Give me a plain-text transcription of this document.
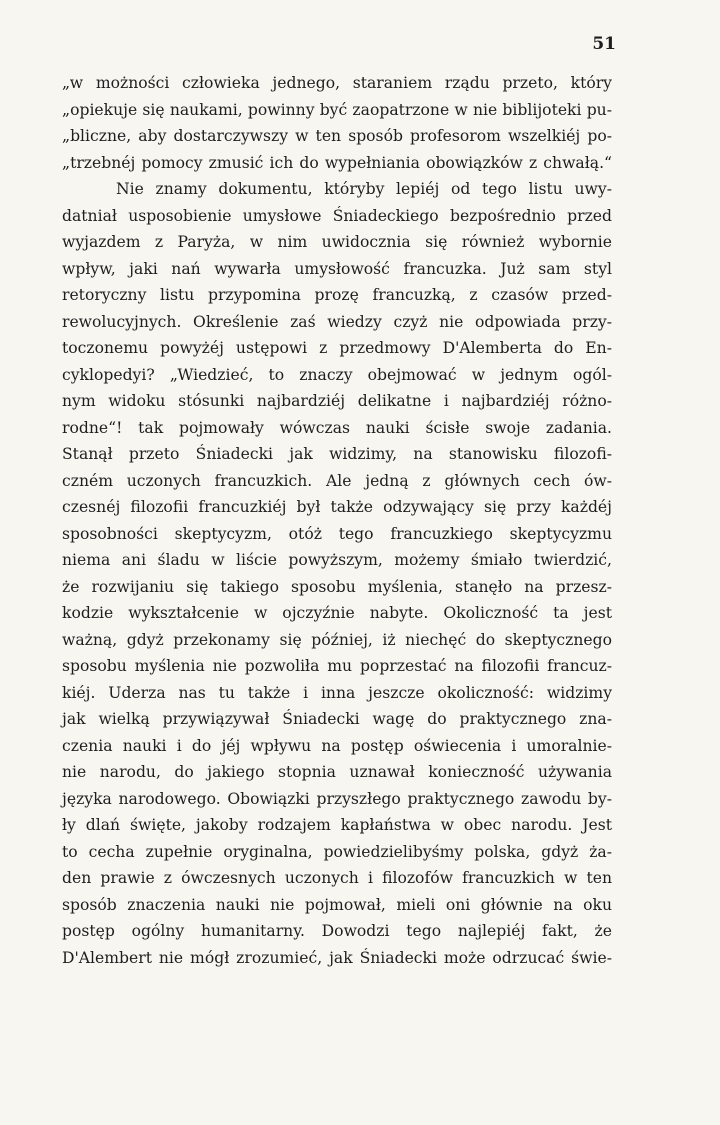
51
„w możności człowieka jednego, staraniem rządu przeto, który
„opiekuje się naukami, powinny być zaopatrzone w nie biblijoteki pu-
„bliczne, aby dostarczywszy w ten sposób profesorom wszelkiéj po-
„trzebnéj pomocy zmusić ich do wypełniania obowiązków z chwałą.“
Nie znamy dokumentu, któryby lepiéj od tego listu uwy-
datniał usposobienie umysłowe Śniadeckiego bezpośrednio przed
wyjazdem z Paryża, w nim uwidocznia się również wybornie
wpływ, jaki nań wywarła umysłowość francuzka. Już sam styl
retoryczny listu przypomina prozę francuzką, z czasów przed-
rewolucyjnych. Określenie zaś wiedzy czyż nie odpowiada przy-
toczonemu powyżéj ustępowi z przedmowy D'Alemberta do En-
cyklopedyi? „Wiedzieć, to znaczy obejmować w jednym ogól-
nym widoku stósunki najbardziéj delikatne i najbardziéj różno-
rodne“! tak pojmowały wówczas nauki ścisłe swoje zadania.
Stanął przeto Śniadecki jak widzimy, na stanowisku filozofi-
czném uczonych francuzkich. Ale jedną z głównych cech ów-
czesnéj filozofii francuzkiéj był także odzywający się przy każdéj
sposobności skeptycyzm, otóż tego francuzkiego skeptycyzmu
niema ani śladu w liście powyższym, możemy śmiało twierdzić,
że rozwijaniu się takiego sposobu myślenia, stanęło na przesz-
kodzie wykształcenie w ojczyźnie nabyte. Okoliczność ta jest
ważną, gdyż przekonamy się później, iż niechęć do skeptycznego
sposobu myślenia nie pozwoliła mu poprzestać na filozofii francuz-
kiéj. Uderza nas tu także i inna jeszcze okoliczność: widzimy
jak wielką przywiązywał Śniadecki wagę do praktycznego zna-
czenia nauki i do jéj wpływu na postęp oświecenia i umoralnie-
nie narodu, do jakiego stopnia uznawał konieczność używania
języka narodowego. Obowiązki przyszłego praktycznego zawodu by-
ły dlań święte, jakoby rodzajem kapłaństwa w obec narodu. Jest
to cecha zupełnie oryginalna, powiedzielibyśmy polska, gdyż ża-
den prawie z ówczesnych uczonych i filozofów francuzkich w ten
sposób znaczenia nauki nie pojmował, mieli oni głównie na oku
postęp ogólny humanitarny. Dowodzi tego najlepiéj fakt, że
D'Alembert nie mógł zrozumieć, jak Śniadecki może odrzucać świe-
